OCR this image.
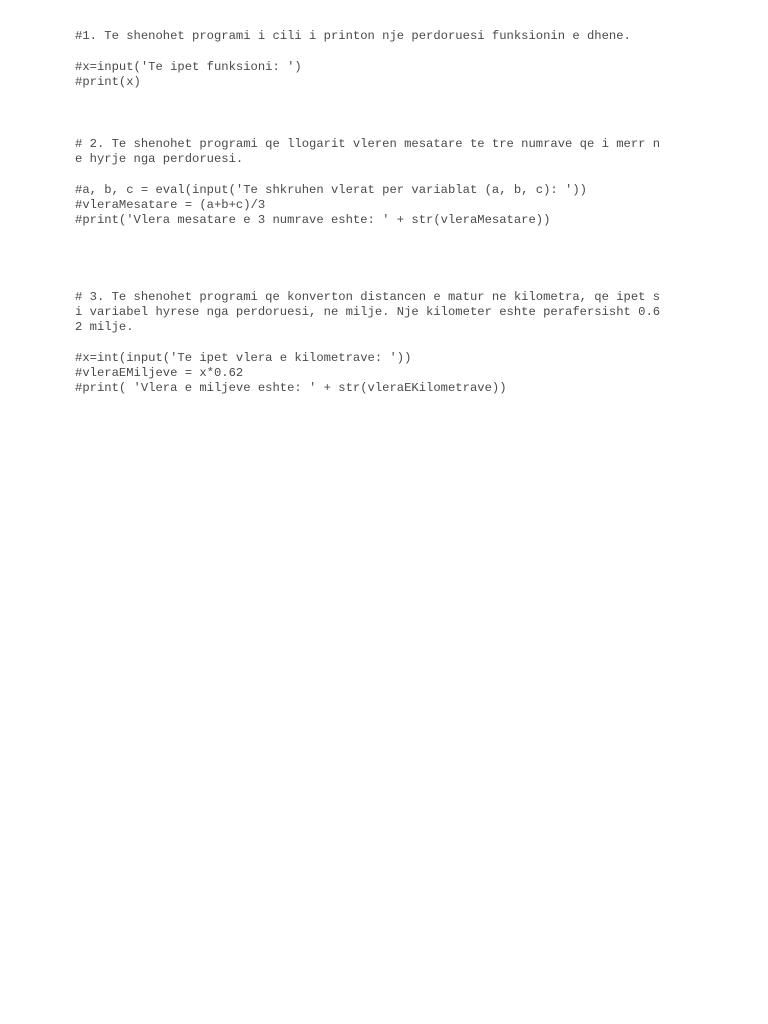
#1. Te shenohet programi i cili i printon nje perdoruesi funksionin e dhene.

#x=input('Te ipet funksioni: ')

#print(x)

# 2. Te shenohet programi qe llogarit vleren mesatare te tre numrave qe i merr n

e hyrje nga perdoruesi.

#a, b, c = eval(input('Te shkruhen vlerat per variablat (a, b, c): '))

#vleraMesatare = (a+b+c)/3

#print('Vlera mesatare e 3 numrave eshte: ' + str(vleraMesatare))

# 3. Te shenohet programi qe konverton distancen e matur ne kilometra, qe ipet s

i variabel hyrese nga perdoruesi, ne milje. Nje kilometer eshte perafersisht 0.6

2 milje.

#x=int(input('Te ipet vlera e kilometrave: '))

#vleraEMiljeve = x*0.62

#print( 'Vlera e miljeve eshte: ' + str(vleraEKilometrave))
